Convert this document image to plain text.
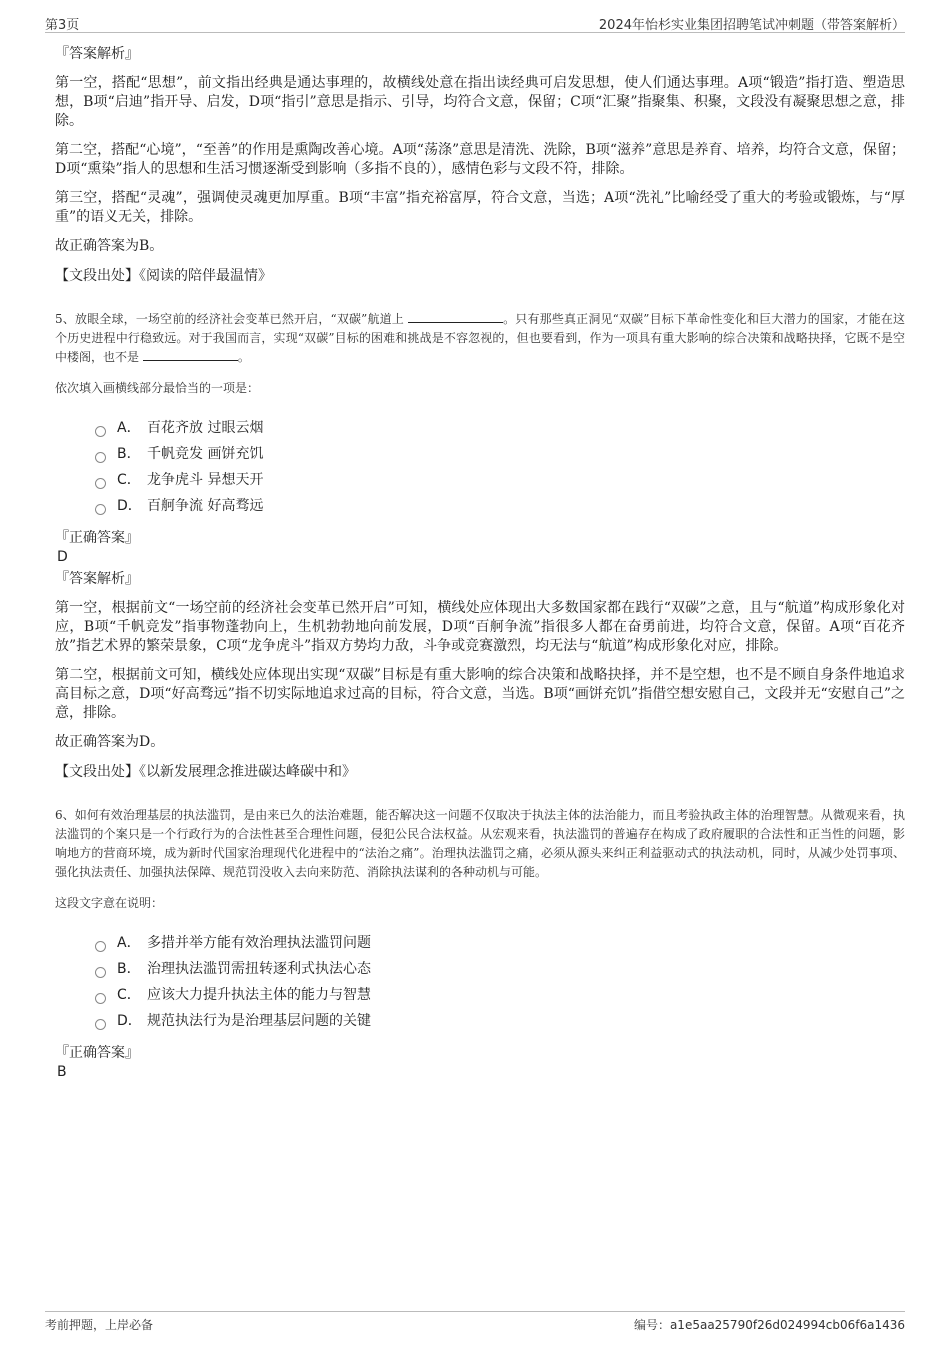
第3页	2024年怡杉实业集团招聘笔试冲刺题（带答案解析）
『答案解析』

第一空，搭配“思想”，前文指出经典是通达事理的，故横线处意在指出读经典可启发思想，使人们通达事理。A项“锻造”指打造、塑造思想，B项“启迪”指开导、启发，D项“指引”意思是指示、引导，均符合文意，保留；C项“汇聚”指聚集、积聚，文段没有凝聚思想之意，排除。

第二空，搭配“心境”，“至善”的作用是熏陶改善心境。A项“荡涤”意思是清洗、洗除，B项“滋养”意思是养育、培养，均符合文意，保留；D项“熏染”指人的思想和生活习惯逐渐受到影响（多指不良的），感情色彩与文段不符，排除。

第三空，搭配“灵魂”，强调使灵魂更加厚重。B项“丰富”指充裕富厚，符合文意，当选；A项“洗礼”比喻经受了重大的考验或锻炼，与“厚重”的语义无关，排除。

故正确答案为B。

【文段出处】《阅读的陪伴最温情》
5、放眼全球，一场空前的经济社会变革已然开启，“双碳”航道上	。只有那些真正洞见“双碳”目标下革命性变化和巨大潜力的国家，才能在这个历史进程中行稳致远。对于我国而言，实现“双碳”目标的困难和挑战是不容忽视的，但也要看到，作为一项具有重大影响的综合决策和战略抉择，它既不是空中楼阁，也不是	。
依次填入画横线部分最恰当的一项是：
A． 百花齐放 过眼云烟
B． 千帆竞发 画饼充饥
C． 龙争虎斗 异想天开
D． 百舸争流 好高骛远
『正确答案』
D
『答案解析』

第一空，根据前文“一场空前的经济社会变革已然开启”可知，横线处应体现出大多数国家都在践行“双碳”之意，且与“航道”构成形象化对应，B项“千帆竞发”指事物蓬勃向上，生机勃勃地向前发展，D项“百舸争流”指很多人都在奋勇前进，均符合文意，保留。A项“百花齐放”指艺术界的繁荣景象，C项“龙争虎斗”指双方势均力敌，斗争或竞赛激烈，均无法与“航道”构成形象化对应，排除。

第二空，根据前文可知，横线处应体现出实现“双碳”目标是有重大影响的综合决策和战略抉择，并不是空想，也不是不顾自身条件地追求高目标之意，D项“好高骛远”指不切实际地追求过高的目标，符合文意，当选。B项“画饼充饥”指借空想安慰自己，文段并无“安慰自己”之意，排除。

故正确答案为D。

【文段出处】《以新发展理念推进碳达峰碳中和》
6、如何有效治理基层的执法滥罚，是由来已久的法治难题，能否解决这一问题不仅取决于执法主体的法治能力，而且考验执政主体的治理智慧。从微观来看，执法滥罚的个案只是一个行政行为的合法性甚至合理性问题，侵犯公民合法权益。从宏观来看，执法滥罚的普遍存在构成了政府履职的合法性和正当性的问题，影响地方的营商环境，成为新时代国家治理现代化进程中的“法治之痛”。治理执法滥罚之痛，必须从源头来纠正利益驱动式的执法动机，同时，从减少处罚事项、强化执法责任、加强执法保障、规范罚没收入去向来防范、消除执法谋利的各种动机与可能。
这段文字意在说明：
A． 多措并举方能有效治理执法滥罚问题
B． 治理执法滥罚需扭转逐利式执法心态
C． 应该大力提升执法主体的能力与智慧
D． 规范执法行为是治理基层问题的关键
『正确答案』
B
考前押题，上岸必备	编号：a1e5aa25790f26d024994cb06f6a1436
